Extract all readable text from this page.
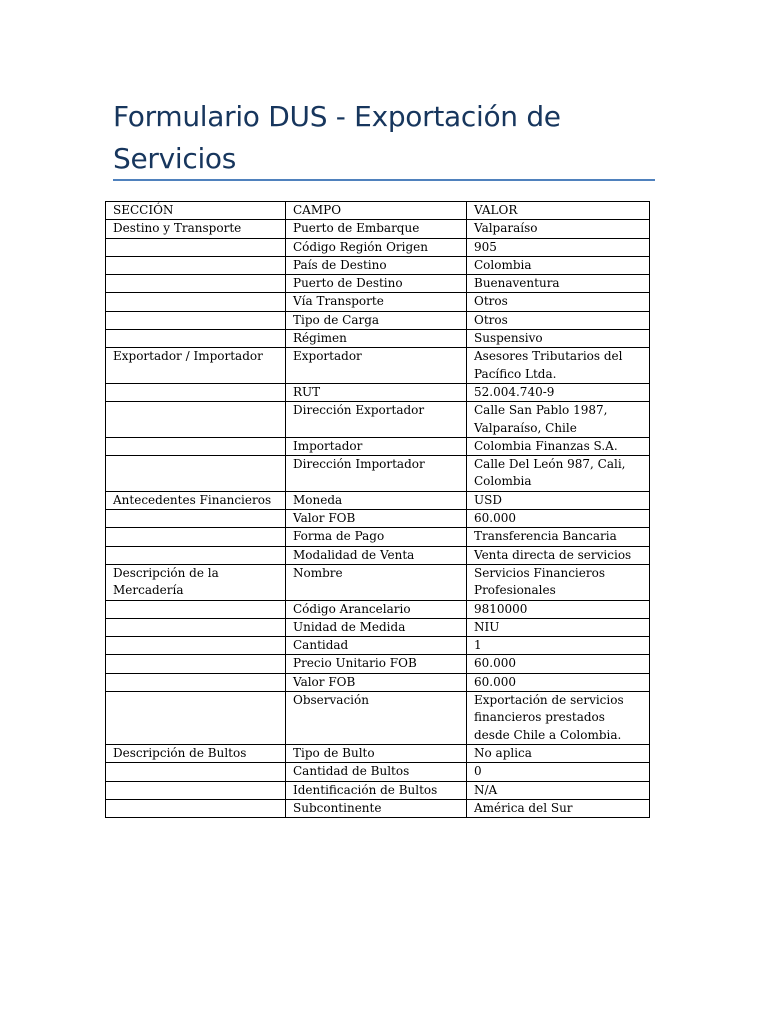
Formulario DUS - Exportación de Servicios
SECCIÓN	CAMPO	VALOR
Destino y Transporte	Puerto de Embarque	Valparaíso
	Código Región Origen	905
	País de Destino	Colombia
	Puerto de Destino	Buenaventura
	Vía Transporte	Otros
	Tipo de Carga	Otros
	Régimen	Suspensivo
Exportador / Importador	Exportador	Asesores Tributarios del Pacífico Ltda.
	RUT	52.004.740-9
	Dirección Exportador	Calle San Pablo 1987, Valparaíso, Chile
	Importador	Colombia Finanzas S.A.
	Dirección Importador	Calle Del León 987, Cali, Colombia
Antecedentes Financieros	Moneda	USD
	Valor FOB	60.000
	Forma de Pago	Transferencia Bancaria
	Modalidad de Venta	Venta directa de servicios
Descripción de la Mercadería	Nombre	Servicios Financieros Profesionales
	Código Arancelario	9810000
	Unidad de Medida	NIU
	Cantidad	1
	Precio Unitario FOB	60.000
	Valor FOB	60.000
	Observación	Exportación de servicios financieros prestados desde Chile a Colombia.
Descripción de Bultos	Tipo de Bulto	No aplica
	Cantidad de Bultos	0
	Identificación de Bultos	N/A
	Subcontinente	América del Sur
